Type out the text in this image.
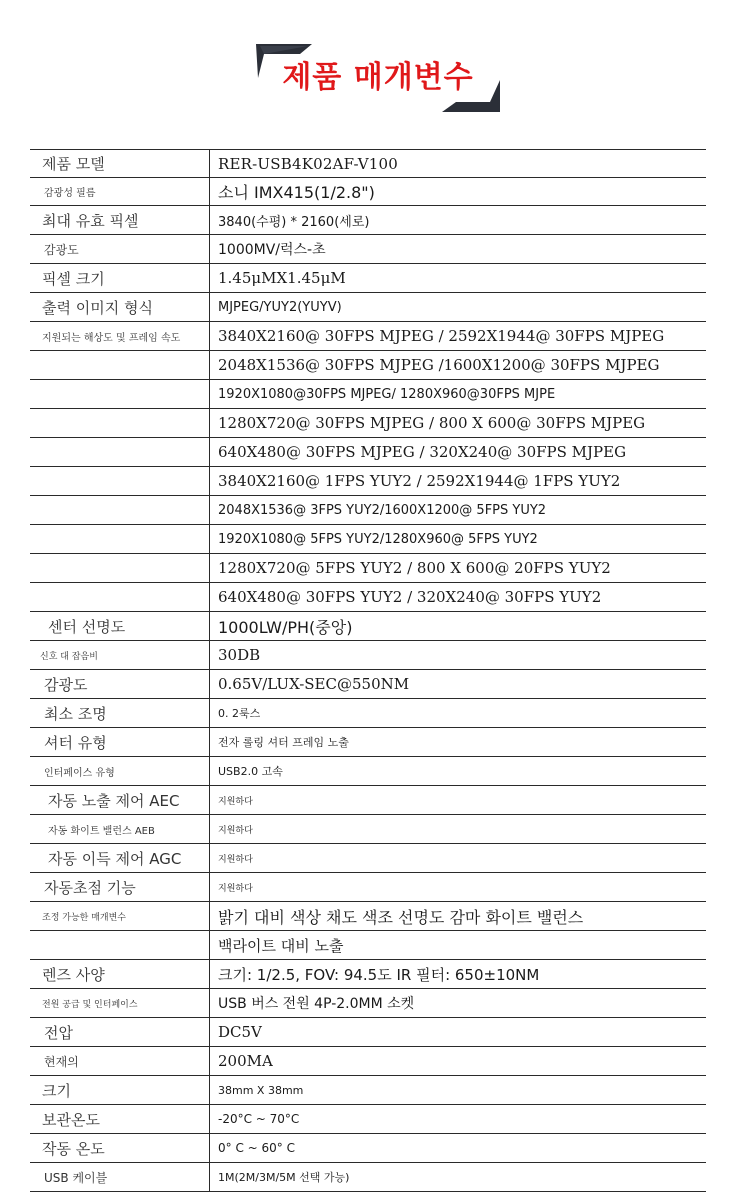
제품 매개변수
제품 모델	RER-USB4K02AF-V100
감광성 필름	소니 IMX415(1/2.8")
최대 유효 픽셀	3840(수평) * 2160(세로)
감광도	1000MV/럭스-초
픽셀 크기	1.45μMX1.45μM
출력 이미지 형식	MJPEG/YUY2(YUYV)
지원되는 해상도 및 프레임 속도	3840X2160@ 30FPS MJPEG / 2592X1944@ 30FPS MJPEG
2048X1536@ 30FPS MJPEG /1600X1200@ 30FPS MJPEG
1920X1080@30FPS MJPEG/ 1280X960@30FPS MJPE
1280X720@ 30FPS MJPEG / 800 X 600@ 30FPS MJPEG
640X480@ 30FPS MJPEG / 320X240@ 30FPS MJPEG
3840X2160@ 1FPS YUY2 / 2592X1944@ 1FPS YUY2
2048X1536@ 3FPS YUY2/1600X1200@ 5FPS YUY2
1920X1080@ 5FPS YUY2/1280X960@ 5FPS YUY2
1280X720@ 5FPS YUY2 / 800 X 600@ 20FPS YUY2
640X480@ 30FPS YUY2 / 320X240@ 30FPS YUY2
센터 선명도	1000LW/PH(중앙)
신호 대 잡음비	30DB
감광도	0.65V/LUX-SEC@550NM
최소 조명	0. 2룩스
셔터 유형	전자 롤링 셔터 프레임 노출
인터페이스 유형	USB2.0 고속
자동 노출 제어 AEC	지원하다
자동 화이트 밸런스 AEB	지원하다
자동 이득 제어 AGC	지원하다
자동초점 기능	지원하다
조정 가능한 매개변수	밝기 대비 색상 채도 색조 선명도 감마 화이트 밸런스
백라이트 대비 노출
렌즈 사양	크기: 1/2.5, FOV: 94.5도 IR 필터: 650±10NM
전원 공급 및 인터페이스	USB 버스 전원 4P-2.0MM 소켓
전압	DC5V
현재의	200MA
크기	38mm X 38mm
보관온도	-20°C ~ 70°C
작동 온도	0° C ~ 60° C
USB 케이블	1M(2M/3M/5M 선택 가능)
